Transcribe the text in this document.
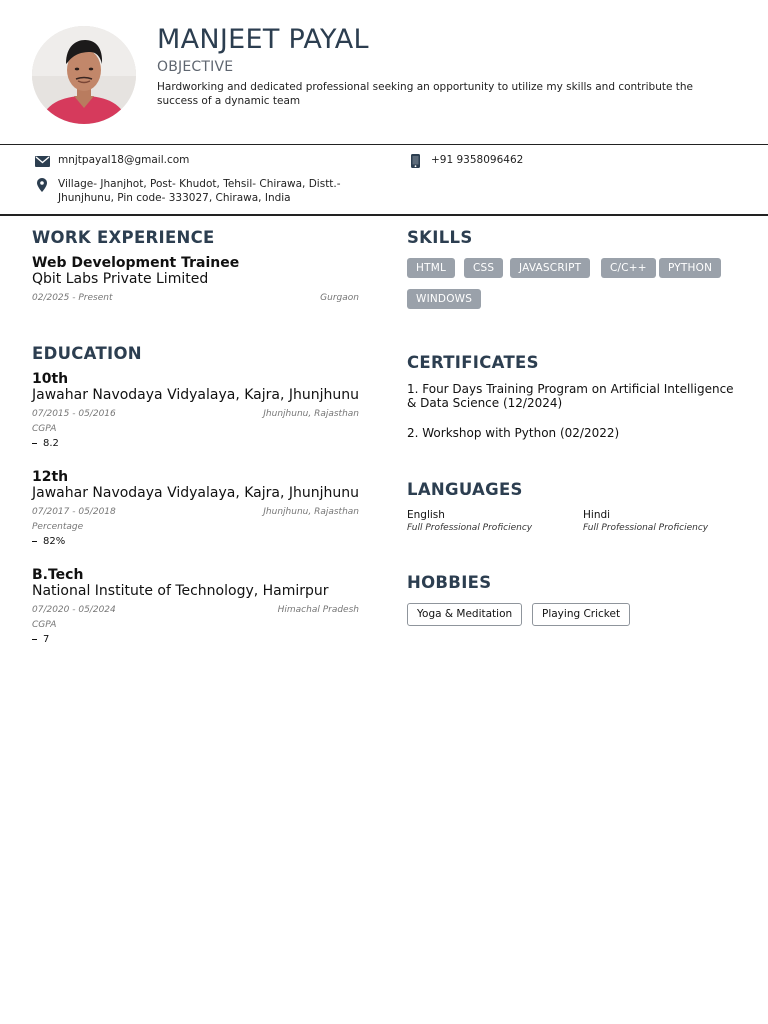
MANJEET PAYAL
OBJECTIVE
Hardworking and dedicated professional seeking an opportunity to utilize my skills and contribute the success of a dynamic team
mnjtpayal18@gmail.com	+91 9358096462
Village- Jhanjhot, Post- Khudot, Tehsil- Chirawa, Distt.- Jhunjhunu, Pin code- 333027, Chirawa, India
WORK EXPERIENCE
Web Development Trainee
Qbit Labs Private Limited
02/2025 - Present	Gurgaon
EDUCATION
10th
Jawahar Navodaya Vidyalaya, Kajra, Jhunjhunu
07/2015 - 05/2016	Jhunjhunu, Rajasthan
CGPA
8.2
12th
Jawahar Navodaya Vidyalaya, Kajra, Jhunjhunu
07/2017 - 05/2018	Jhunjhunu, Rajasthan
Percentage
82%
B.Tech
National Institute of Technology, Hamirpur
07/2020 - 05/2024	Himachal Pradesh
CGPA
7
SKILLS
HTML	CSS	JAVASCRIPT	C/C++	PYTHON
WINDOWS
CERTIFICATES
1. Four Days Training Program on Artificial Intelligence & Data Science (12/2024)
2. Workshop with Python (02/2022)
LANGUAGES
English
Full Professional Proficiency
Hindi
Full Professional Proficiency
HOBBIES
Yoga & Meditation	Playing Cricket
